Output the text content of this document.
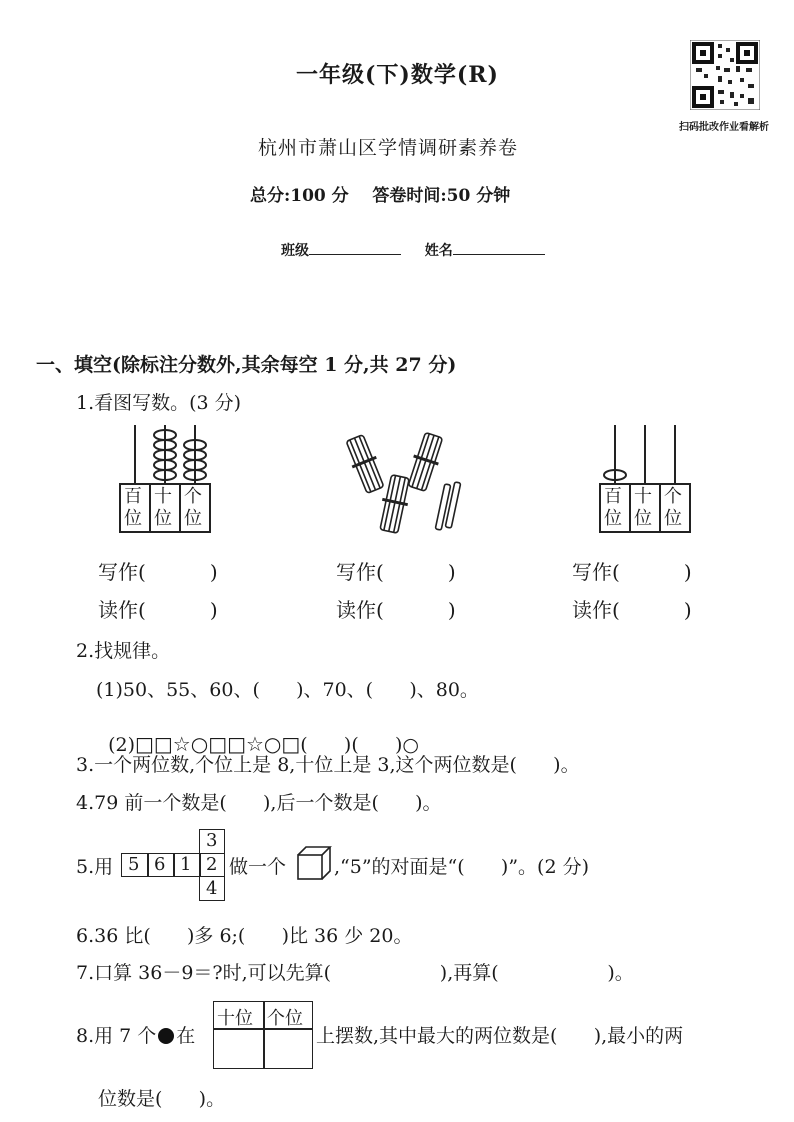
一年级(下)数学(R)
扫码批改作业看解析
杭州市萧山区学情调研素养卷
总分:100 分    答卷时间:50 分钟
班级	姓名
一、填空(除标注分数外,其余每空 1 分,共 27 分)
1.看图写数。(3 分)
百位
十位
个位
百位
十位
个位
写作(	)	写作(	)	写作(	)
读作(	)	读作(	)	读作(	)
2.找规律。
(1)50、55、60、(      )、70、(      )、80。

(2)□□☆○□□☆○□(      )(      )○

3.一个两位数,个位上是 8,十位上是 3,这个两位数是(      )。
4.79 前一个数是(      ),后一个数是(      )。
5.用 5 6 1 2
3
4
做一个	,“5”的对面是“(      )”。(2 分)
6.36 比(      )多 6;(      )比 36 少 20。
7.口算 36－9＝?时,可以先算(                  ),再算(                  )。
8.用 7 个 在
十位 个位
上摆数,其中最大的两位数是(      ),最小的两
位数是(      )。
